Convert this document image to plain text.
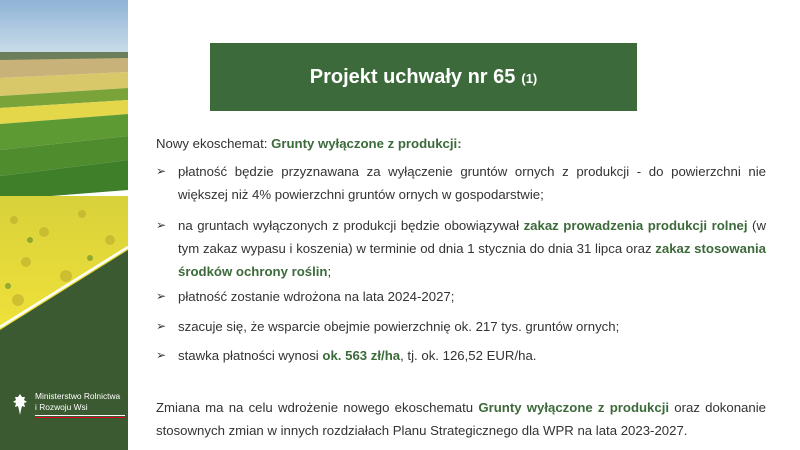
Ministerstwo Rolnictwa
i Rozwoju Wsi
Projekt uchwały nr 65 (1)
Nowy ekoschemat: Grunty wyłączone z produkcji:
➢ płatność będzie przyznawana za wyłączenie gruntów ornych z produkcji - do powierzchni nie większej niż 4% powierzchni gruntów ornych w gospodarstwie;
➢ na gruntach wyłączonych z produkcji będzie obowiązywał zakaz prowadzenia produkcji rolnej (w tym zakaz wypasu i koszenia) w terminie od dnia 1 stycznia do dnia 31 lipca oraz zakaz stosowania środków ochrony roślin;
➢ płatność zostanie wdrożona na lata 2024-2027;
➢ szacuje się, że wsparcie obejmie powierzchnię ok. 217 tys. gruntów ornych;
➢ stawka płatności wynosi ok. 563 zł/ha, tj. ok. 126,52 EUR/ha.
Zmiana ma na celu wdrożenie nowego ekoschematu Grunty wyłączone z produkcji oraz dokonanie stosownych zmian w innych rozdziałach Planu Strategicznego dla WPR na lata 2023-2027.
